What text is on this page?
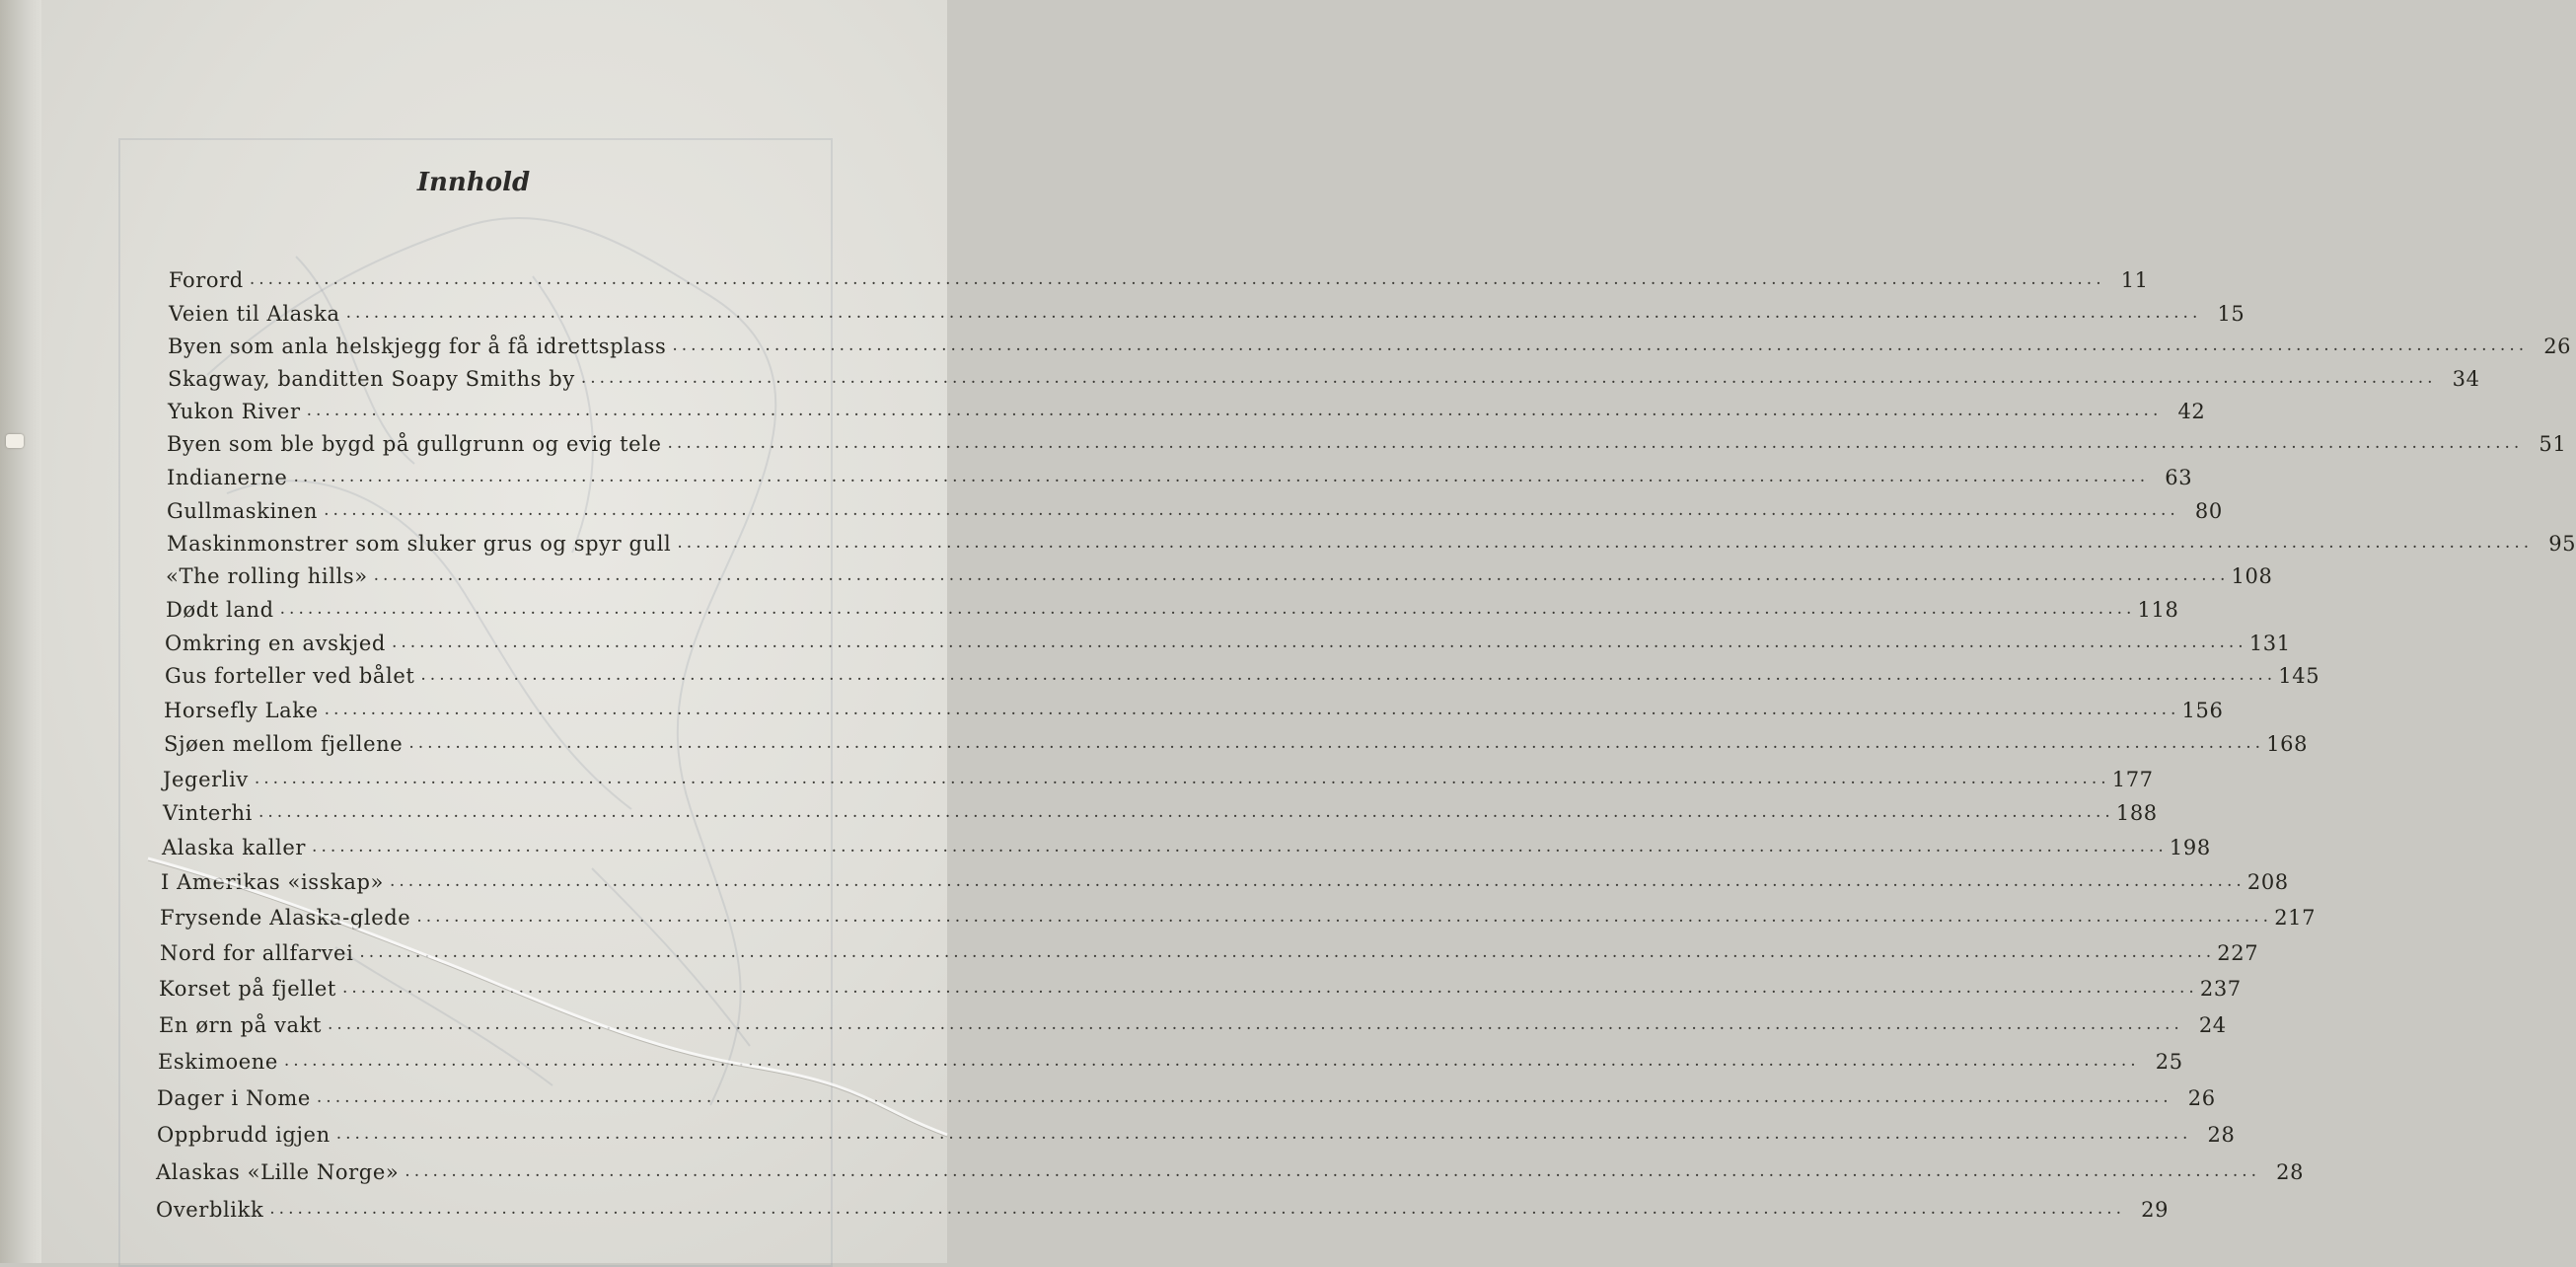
Innhold
Forord ........................................................................................................................................................................................................ 11
Veien til Alaska ........................................................................................................................................................................................................ 15
Byen som anla helskjegg for å få idrettsplass ........................................................................................................................................................................................................ 26
Skagway, banditten Soapy Smiths by ........................................................................................................................................................................................................ 34
Yukon River ........................................................................................................................................................................................................ 42
Byen som ble bygd på gullgrunn og evig tele ........................................................................................................................................................................................................ 51
Indianerne ........................................................................................................................................................................................................ 63
Gullmaskinen ........................................................................................................................................................................................................ 80
Maskinmonstrer som sluker grus og spyr gull ........................................................................................................................................................................................................ 95
«The rolling hills» ........................................................................................................................................................................................................ 108
Dødt land ........................................................................................................................................................................................................ 118
Omkring en avskjed ........................................................................................................................................................................................................ 131
Gus forteller ved bålet ........................................................................................................................................................................................................ 145
Horsefly Lake ........................................................................................................................................................................................................ 156
Sjøen mellom fjellene ........................................................................................................................................................................................................ 168
Jegerliv ........................................................................................................................................................................................................ 177
Vinterhi ........................................................................................................................................................................................................ 188
Alaska kaller ........................................................................................................................................................................................................ 198
I Amerikas «isskap» ........................................................................................................................................................................................................ 208
Frysende Alaska-glede ........................................................................................................................................................................................................ 217
Nord for allfarvei ........................................................................................................................................................................................................ 227
Korset på fjellet ........................................................................................................................................................................................................ 237
En ørn på vakt ........................................................................................................................................................................................................ 24
Eskimoene ........................................................................................................................................................................................................ 25
Dager i Nome ........................................................................................................................................................................................................ 26
Oppbrudd igjen ........................................................................................................................................................................................................ 28
Alaskas «Lille Norge» ........................................................................................................................................................................................................ 28
Overblikk ........................................................................................................................................................................................................ 29
